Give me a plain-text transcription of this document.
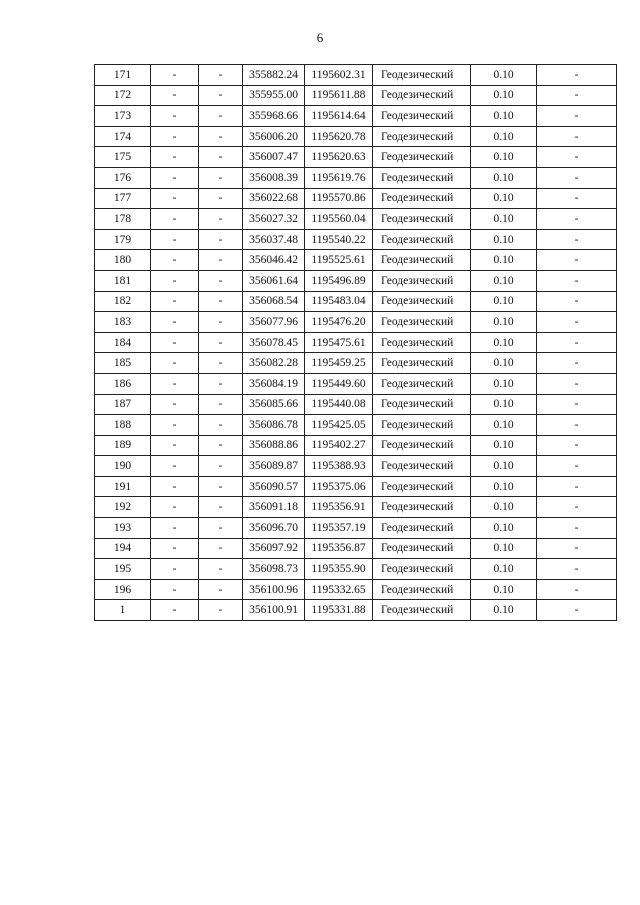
6
171	-	-	355882.24	1195602.31	Геодезический	0.10	-
172	-	-	355955.00	1195611.88	Геодезический	0.10	-
173	-	-	355968.66	1195614.64	Геодезический	0.10	-
174	-	-	356006.20	1195620.78	Геодезический	0.10	-
175	-	-	356007.47	1195620.63	Геодезический	0.10	-
176	-	-	356008.39	1195619.76	Геодезический	0.10	-
177	-	-	356022.68	1195570.86	Геодезический	0.10	-
178	-	-	356027.32	1195560.04	Геодезический	0.10	-
179	-	-	356037.48	1195540.22	Геодезический	0.10	-
180	-	-	356046.42	1195525.61	Геодезический	0.10	-
181	-	-	356061.64	1195496.89	Геодезический	0.10	-
182	-	-	356068.54	1195483.04	Геодезический	0.10	-
183	-	-	356077.96	1195476.20	Геодезический	0.10	-
184	-	-	356078.45	1195475.61	Геодезический	0.10	-
185	-	-	356082.28	1195459.25	Геодезический	0.10	-
186	-	-	356084.19	1195449.60	Геодезический	0.10	-
187	-	-	356085.66	1195440.08	Геодезический	0.10	-
188	-	-	356086.78	1195425.05	Геодезический	0.10	-
189	-	-	356088.86	1195402.27	Геодезический	0.10	-
190	-	-	356089.87	1195388.93	Геодезический	0.10	-
191	-	-	356090.57	1195375.06	Геодезический	0.10	-
192	-	-	356091.18	1195356.91	Геодезический	0.10	-
193	-	-	356096.70	1195357.19	Геодезический	0.10	-
194	-	-	356097.92	1195356.87	Геодезический	0.10	-
195	-	-	356098.73	1195355.90	Геодезический	0.10	-
196	-	-	356100.96	1195332.65	Геодезический	0.10	-
1	-	-	356100.91	1195331.88	Геодезический	0.10	-
